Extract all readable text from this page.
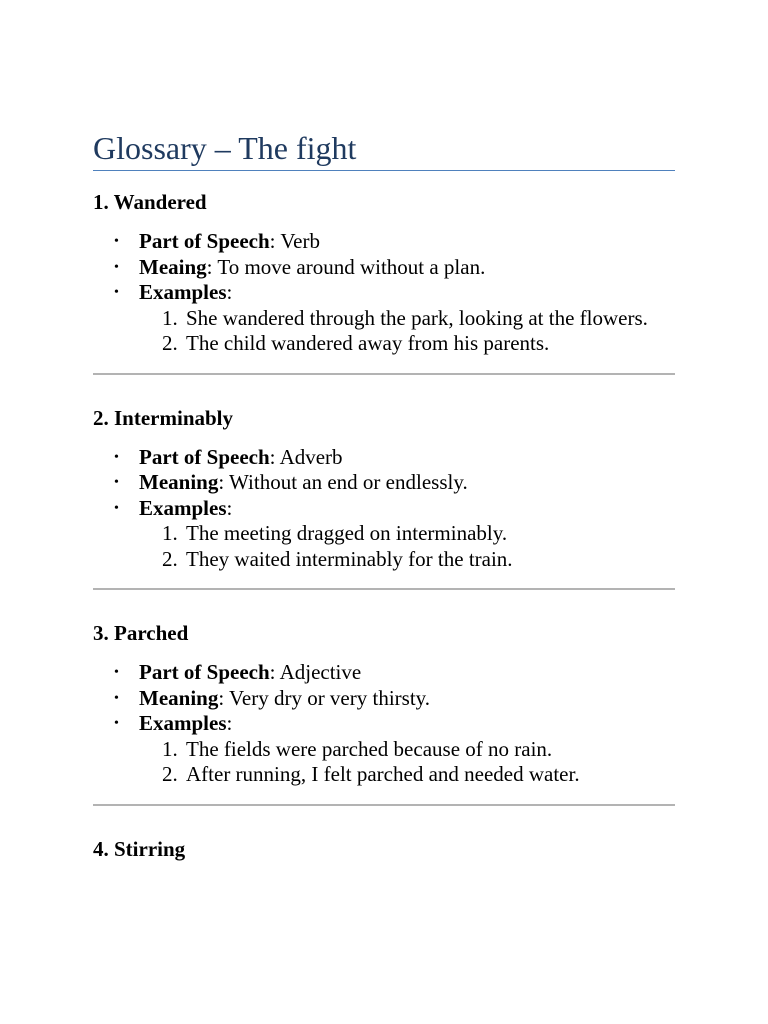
Glossary – The fight
1. Wandered
• Part of Speech: Verb
• Meaing: To move around without a plan.
• Examples:
1. She wandered through the park, looking at the flowers.
2. The child wandered away from his parents.
2. Interminably
• Part of Speech: Adverb
• Meaning: Without an end or endlessly.
• Examples:
1. The meeting dragged on interminably.
2. They waited interminably for the train.
3. Parched
• Part of Speech: Adjective
• Meaning: Very dry or very thirsty.
• Examples:
1. The fields were parched because of no rain.
2. After running, I felt parched and needed water.
4. Stirring
